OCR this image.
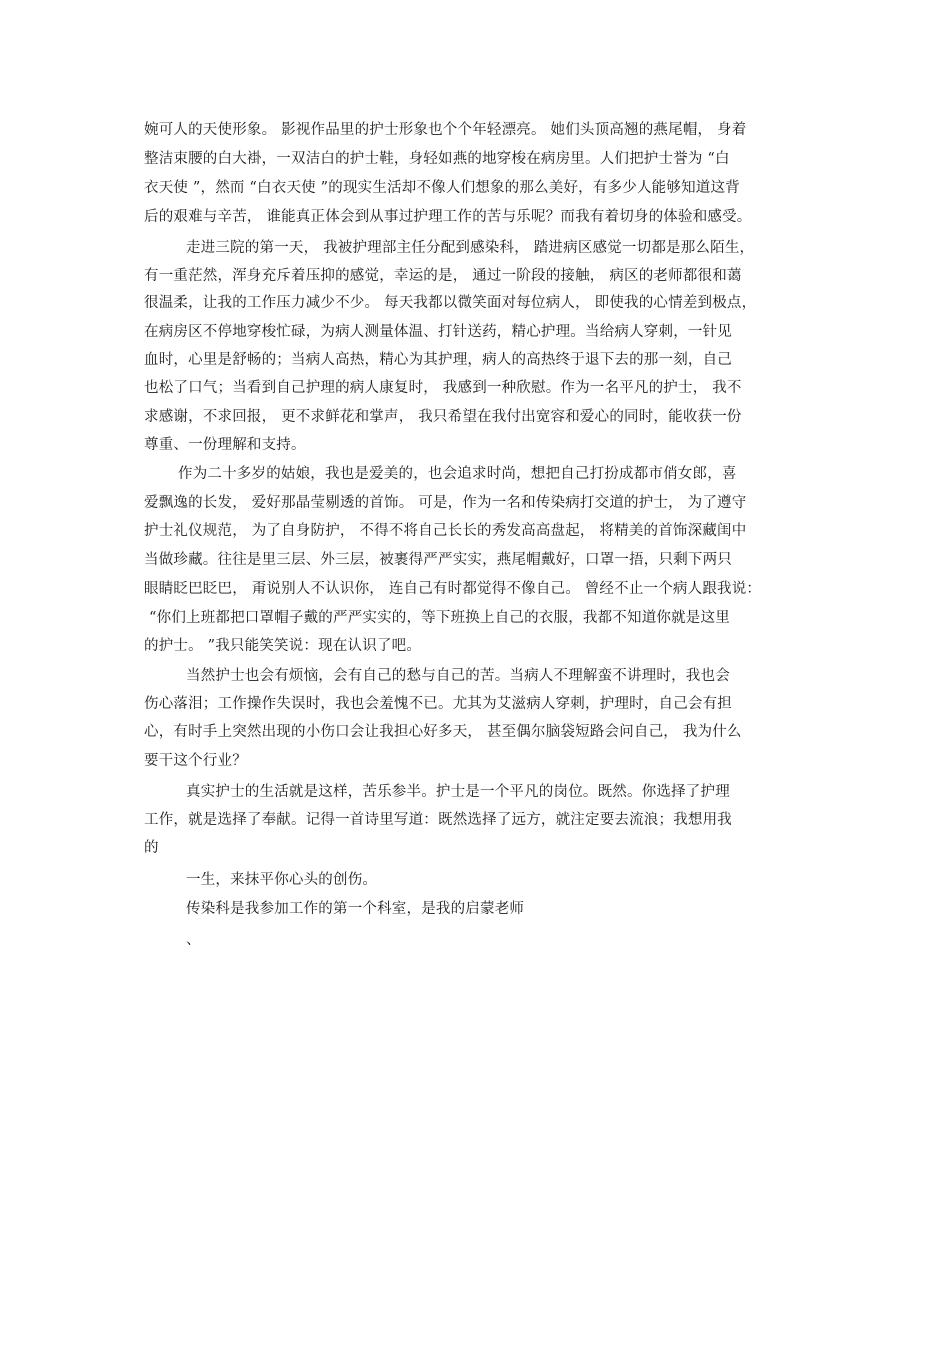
婉可人的天使形象。 影视作品里的护士形象也个个年轻漂亮。 她们头顶高翘的燕尾帽， 身着
整洁束腰的白大褂，一双洁白的护士鞋，身轻如燕的地穿梭在病房里。人们把护士誉为 “白
衣天使 ”，然而 “白衣天使 ”的现实生活却不像人们想象的那么美好，有多少人能够知道这背
后的艰难与辛苦， 谁能真正体会到从事过护理工作的苦与乐呢？而我有着切身的体验和感受。
走进三院的第一天， 我被护理部主任分配到感染科， 踏进病区感觉一切都是那么陌生，
有一重茫然，浑身充斥着压抑的感觉，幸运的是， 通过一阶段的接触， 病区的老师都很和蔼
很温柔，让我的工作压力减少不少。 每天我都以微笑面对每位病人， 即使我的心情差到极点，
在病房区不停地穿梭忙碌，为病人测量体温、打针送药，精心护理。当给病人穿刺，一针见
血时，心里是舒畅的；当病人高热，精心为其护理，病人的高热终于退下去的那一刻，自己
也松了口气；当看到自己护理的病人康复时， 我感到一种欣慰。作为一名平凡的护士， 我不
求感谢，不求回报， 更不求鲜花和掌声， 我只希望在我付出宽容和爱心的同时，能收获一份
尊重、一份理解和支持。
作为二十多岁的姑娘，我也是爱美的，也会追求时尚，想把自己打扮成都市俏女郎，喜
爱飘逸的长发， 爱好那晶莹剔透的首饰。 可是，作为一名和传染病打交道的护士， 为了遵守
护士礼仪规范， 为了自身防护， 不得不将自己长长的秀发高高盘起， 将精美的首饰深藏闺中
当做珍藏。往往是里三层、外三层，被裹得严严实实，燕尾帽戴好，口罩一捂，只剩下两只
眼睛眨巴眨巴， 甭说别人不认识你， 连自己有时都觉得不像自己。 曾经不止一个病人跟我说：
“你们上班都把口罩帽子戴的严严实实的，等下班换上自己的衣服，我都不知道你就是这里
的护士。 ”我只能笑笑说：现在认识了吧。
当然护士也会有烦恼，会有自己的愁与自己的苦。当病人不理解蛮不讲理时，我也会
伤心落泪；工作操作失误时，我也会羞愧不已。尤其为艾滋病人穿刺，护理时，自己会有担
心，有时手上突然出现的小伤口会让我担心好多天， 甚至偶尔脑袋短路会问自己， 我为什么
要干这个行业？
真实护士的生活就是这样，苦乐参半。护士是一个平凡的岗位。既然。你选择了护理
工作，就是选择了奉献。记得一首诗里写道：既然选择了远方，就注定要去流浪；我想用我
的
一生，来抹平你心头的创伤。
传染科是我参加工作的第一个科室，是我的启蒙老师
、
